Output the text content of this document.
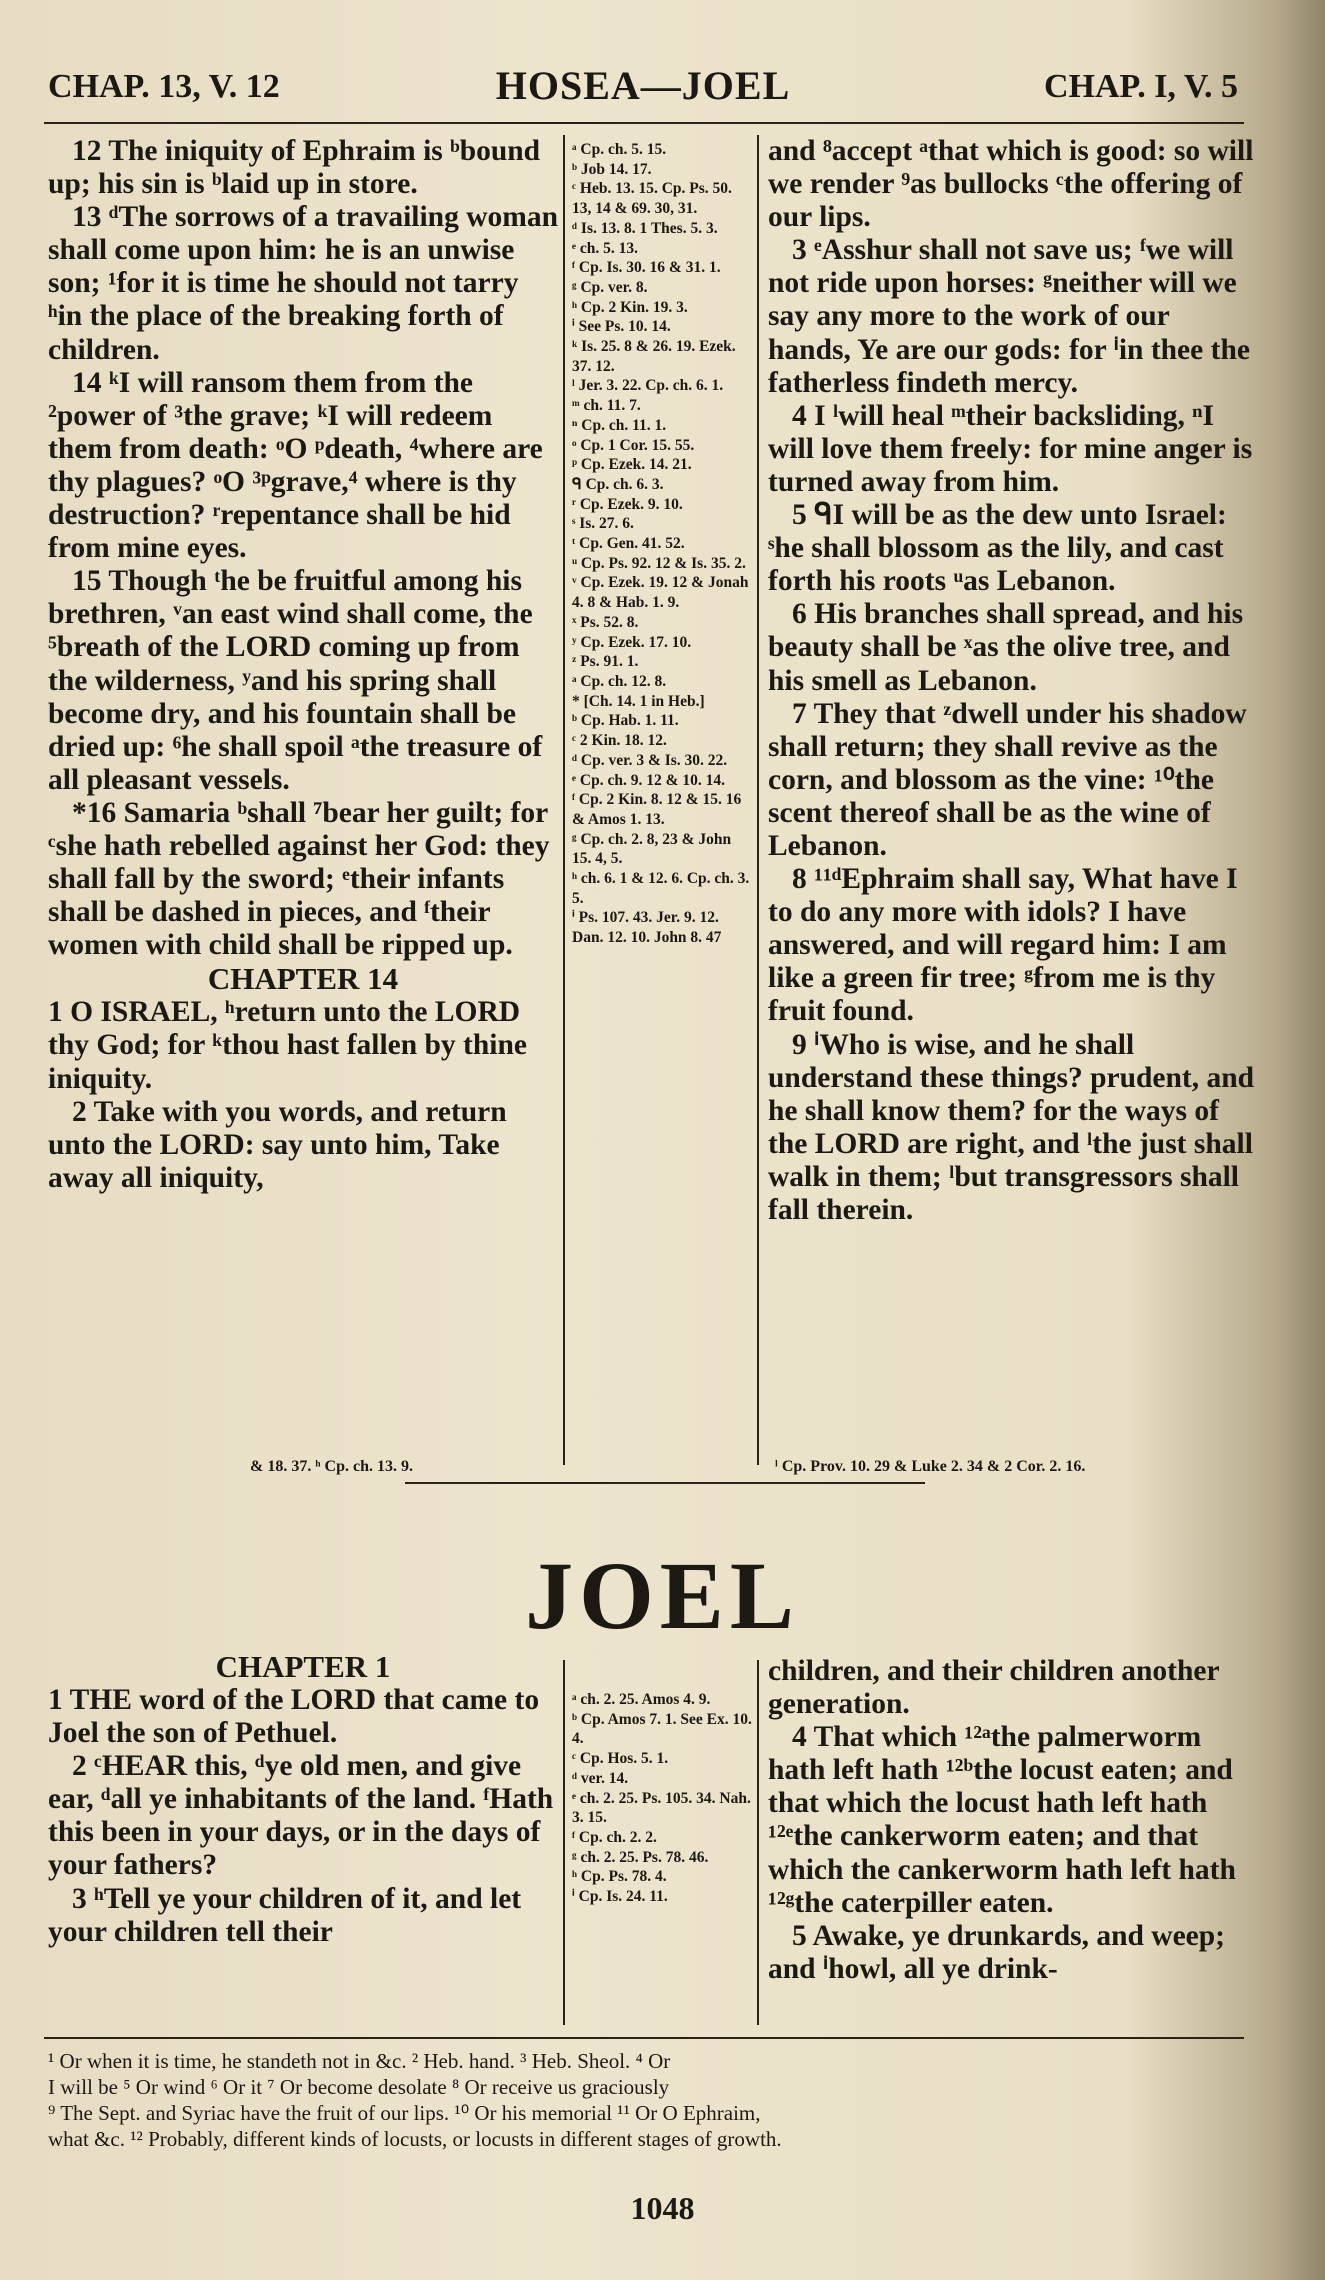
CHAP. 13, V. 12	HOSEA—JOEL	CHAP. I, V. 5

12 The iniquity of Ephraim is ᵇbound up; his sin is ᵇlaid up in store.

13 ᵈThe sorrows of a travailing woman shall come upon him: he is an unwise son; ¹for it is time he should not tarry ʰin the place of the breaking forth of children.

14 ᵏI will ransom them from the ²power of ³the grave; ᵏI will redeem them from death: ᵒO ᵖdeath, ⁴where are thy plagues? ᵒO ³ᵖgrave,⁴ where is thy destruction? ʳrepentance shall be hid from mine eyes.

15 Though ᵗhe be fruitful among his brethren, ᵛan east wind shall come, the ⁵breath of the LORD coming up from the wilderness, ʸand his spring shall become dry, and his fountain shall be dried up: ⁶he shall spoil ᵃthe treasure of all pleasant vessels.

*16 Samaria ᵇshall ⁷bear her guilt; for ᶜshe hath rebelled against her God: they shall fall by the sword; ᵉtheir infants shall be dashed in pieces, and ᶠtheir women with child shall be ripped up.

CHAPTER 14

1 O ISRAEL, ʰreturn unto the LORD thy God; for ᵏthou hast fallen by thine iniquity.

2 Take with you words, and return unto the LORD: say unto him, Take away all iniquity,

ᵃ Cp. ch. 5. 15.

ᵇ Job 14. 17.

ᶜ Heb. 13. 15. Cp. Ps. 50. 13, 14 & 69. 30, 31.

ᵈ Is. 13. 8. 1 Thes. 5. 3.

ᵉ ch. 5. 13.

ᶠ Cp. Is. 30. 16 & 31. 1.

ᵍ Cp. ver. 8.

ʰ Cp. 2 Kin. 19. 3.

ⁱ See Ps. 10. 14.

ᵏ Is. 25. 8 & 26. 19. Ezek. 37. 12.

ˡ Jer. 3. 22. Cp. ch. 6. 1.

ᵐ ch. 11. 7.

ⁿ Cp. ch. 11. 1.

ᵒ Cp. 1 Cor. 15. 55.

ᵖ Cp. Ezek. 14. 21.

ᑫ Cp. ch. 6. 3.

ʳ Cp. Ezek. 9. 10.

ˢ Is. 27. 6.

ᵗ Cp. Gen. 41. 52.

ᵘ Cp. Ps. 92. 12 & Is. 35. 2.

ᵛ Cp. Ezek. 19. 12 & Jonah 4. 8 & Hab. 1. 9.

ˣ Ps. 52. 8.

ʸ Cp. Ezek. 17. 10.

ᶻ Ps. 91. 1.

ᵃ Cp. ch. 12. 8.

* [Ch. 14. 1 in Heb.]

ᵇ Cp. Hab. 1. 11.

ᶜ 2 Kin. 18. 12.

ᵈ Cp. ver. 3 & Is. 30. 22.

ᵉ Cp. ch. 9. 12 & 10. 14.

ᶠ Cp. 2 Kin. 8. 12 & 15. 16 & Amos 1. 13.

ᵍ Cp. ch. 2. 8, 23 & John 15. 4, 5.

ʰ ch. 6. 1 & 12. 6. Cp. ch. 3. 5.

ⁱ Ps. 107. 43. Jer. 9. 12. Dan. 12. 10. John 8. 47

and ⁸accept ᵃthat which is good: so will we render ⁹as bullocks ᶜthe offering of our lips.

3 ᵉAsshur shall not save us; ᶠwe will not ride upon horses: ᵍneither will we say any more to the work of our hands, Ye are our gods: for ⁱin thee the fatherless findeth mercy.

4 I ˡwill heal ᵐtheir backsliding, ⁿI will love them freely: for mine anger is turned away from him.

5 ᑫI will be as the dew unto Israel: ˢhe shall blossom as the lily, and cast forth his roots ᵘas Lebanon.

6 His branches shall spread, and his beauty shall be ˣas the olive tree, and his smell as Lebanon.

7 They that ᶻdwell under his shadow shall return; they shall revive as the corn, and blossom as the vine: ¹⁰the scent thereof shall be as the wine of Lebanon.

8 ¹¹ᵈEphraim shall say, What have I to do any more with idols? I have answered, and will regard him: I am like a green fir tree; ᵍfrom me is thy fruit found.

9 ⁱWho is wise, and he shall understand these things? prudent, and he shall know them? for the ways of the LORD are right, and ˡthe just shall walk in them; ˡbut transgressors shall fall therein.

& 18. 37. ʰ Cp. ch. 13. 9.	ˡ Cp. Prov. 10. 29 & Luke 2. 34 & 2 Cor. 2. 16.
JOEL
CHAPTER 1

1 THE word of the LORD that came to Joel the son of Pethuel.

2 ᶜHEAR this, ᵈye old men, and give ear, ᵈall ye inhabitants of the land. ᶠHath this been in your days, or in the days of your fathers?

3 ʰTell ye your children of it, and let your children tell their

ᵃ ch. 2. 25. Amos 4. 9.

ᵇ Cp. Amos 7. 1. See Ex. 10. 4.

ᶜ Cp. Hos. 5. 1.

ᵈ ver. 14.

ᵉ ch. 2. 25. Ps. 105. 34. Nah. 3. 15.

ᶠ Cp. ch. 2. 2.

ᵍ ch. 2. 25. Ps. 78. 46.

ʰ Cp. Ps. 78. 4.

ⁱ Cp. Is. 24. 11.

children, and their children another generation.

4 That which ¹²ᵃthe palmerworm hath left hath ¹²ᵇthe locust eaten; and that which the locust hath left hath ¹²ᵉthe cankerworm eaten; and that which the cankerworm hath left hath ¹²ᵍthe caterpiller eaten.

5 Awake, ye drunkards, and weep; and ⁱhowl, all ye drink-

¹ Or when it is time, he standeth not in &c. ² Heb. hand. ³ Heb. Sheol. ⁴ Or
I will be ⁵ Or wind ⁶ Or it ⁷ Or become desolate ⁸ Or receive us graciously
⁹ The Sept. and Syriac have the fruit of our lips. ¹⁰ Or his memorial ¹¹ Or O Ephraim,
what &c. ¹² Probably, different kinds of locusts, or locusts in different stages of growth.
1048
